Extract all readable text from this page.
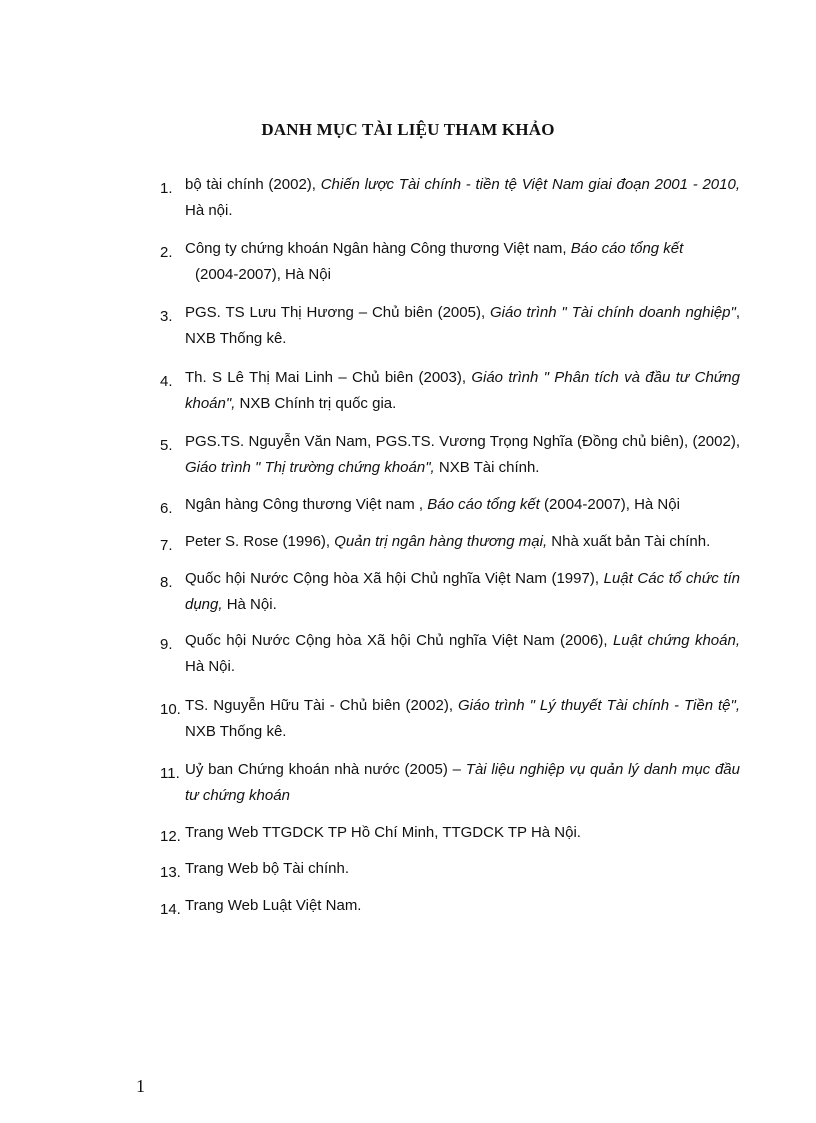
DANH MỤC TÀI LIỆU THAM KHẢO
1. bộ tài chính (2002), Chiến lược Tài chính - tiền tệ Việt Nam giai đoạn 2001 - 2010, Hà nội.
2. Công ty chứng khoán Ngân hàng Công thương Việt nam, Báo cáo tổng kết
(2004-2007), Hà Nội
3. PGS. TS Lưu Thị Hương – Chủ biên (2005), Giáo trình " Tài chính doanh nghiệp", NXB Thống kê.
4. Th. S Lê Thị Mai Linh – Chủ biên (2003), Giáo trình " Phân tích và đầu tư Chứng khoán", NXB Chính trị quốc gia.
5. PGS.TS. Nguyễn Văn Nam, PGS.TS. Vương Trọng Nghĩa (Đồng chủ biên), (2002), Giáo trình " Thị trường chứng khoán", NXB Tài chính.
6. Ngân hàng Công thương Việt nam , Báo cáo tổng kết (2004-2007), Hà Nội
7. Peter S. Rose (1996), Quản trị ngân hàng thương mại, Nhà xuất bản Tài chính.
8. Quốc hội Nước Cộng hòa Xã hội Chủ nghĩa Việt Nam (1997), Luật Các tổ chức tín dụng, Hà Nội.
9. Quốc hội Nước Cộng hòa Xã hội Chủ nghĩa Việt Nam (2006), Luật chứng khoán, Hà Nội.
10. TS. Nguyễn Hữu Tài - Chủ biên (2002), Giáo trình " Lý thuyết Tài chính - Tiền tệ", NXB Thống kê.
11. Uỷ ban Chứng khoán nhà nước (2005) – Tài liệu nghiệp vụ quản lý danh mục đầu tư chứng khoán
12. Trang Web TTGDCK TP Hồ Chí Minh, TTGDCK TP Hà Nội.
13. Trang Web bộ Tài chính.
14. Trang Web Luật Việt Nam.
1
